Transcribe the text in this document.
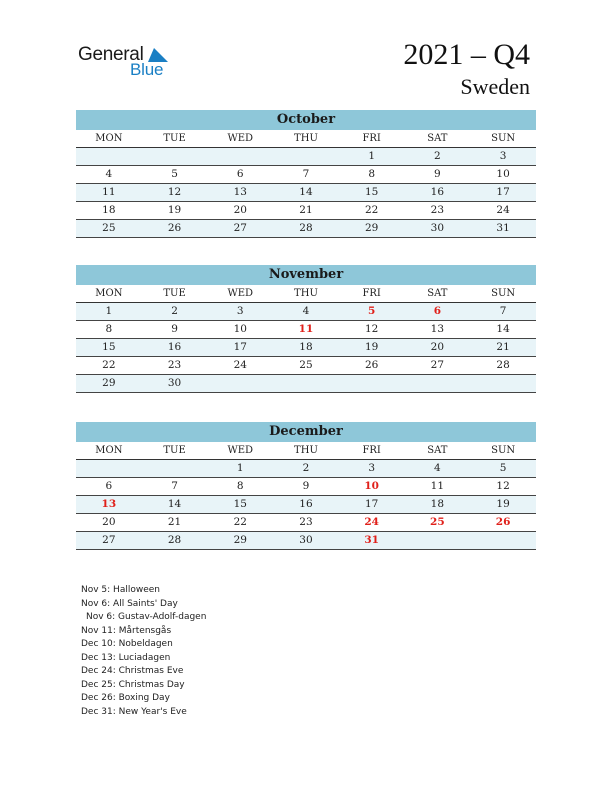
General
Blue	2021 – Q4
Sweden
October
MON	TUE	WED	THU	FRI	SAT	SUN
				1	2	3
4	5	6	7	8	9	10
11	12	13	14	15	16	17
18	19	20	21	22	23	24
25	26	27	28	29	30	31
November
MON	TUE	WED	THU	FRI	SAT	SUN
1	2	3	4	5	6	7
8	9	10	11	12	13	14
15	16	17	18	19	20	21
22	23	24	25	26	27	28
29	30					
December
MON	TUE	WED	THU	FRI	SAT	SUN
		1	2	3	4	5
6	7	8	9	10	11	12
13	14	15	16	17	18	19
20	21	22	23	24	25	26
27	28	29	30	31		
Nov 5: Halloween
Nov 6: All Saints' Day
Nov 6: Gustav-Adolf-dagen
Nov 11: Mårtensgås
Dec 10: Nobeldagen
Dec 13: Luciadagen
Dec 24: Christmas Eve
Dec 25: Christmas Day
Dec 26: Boxing Day
Dec 31: New Year's Eve
